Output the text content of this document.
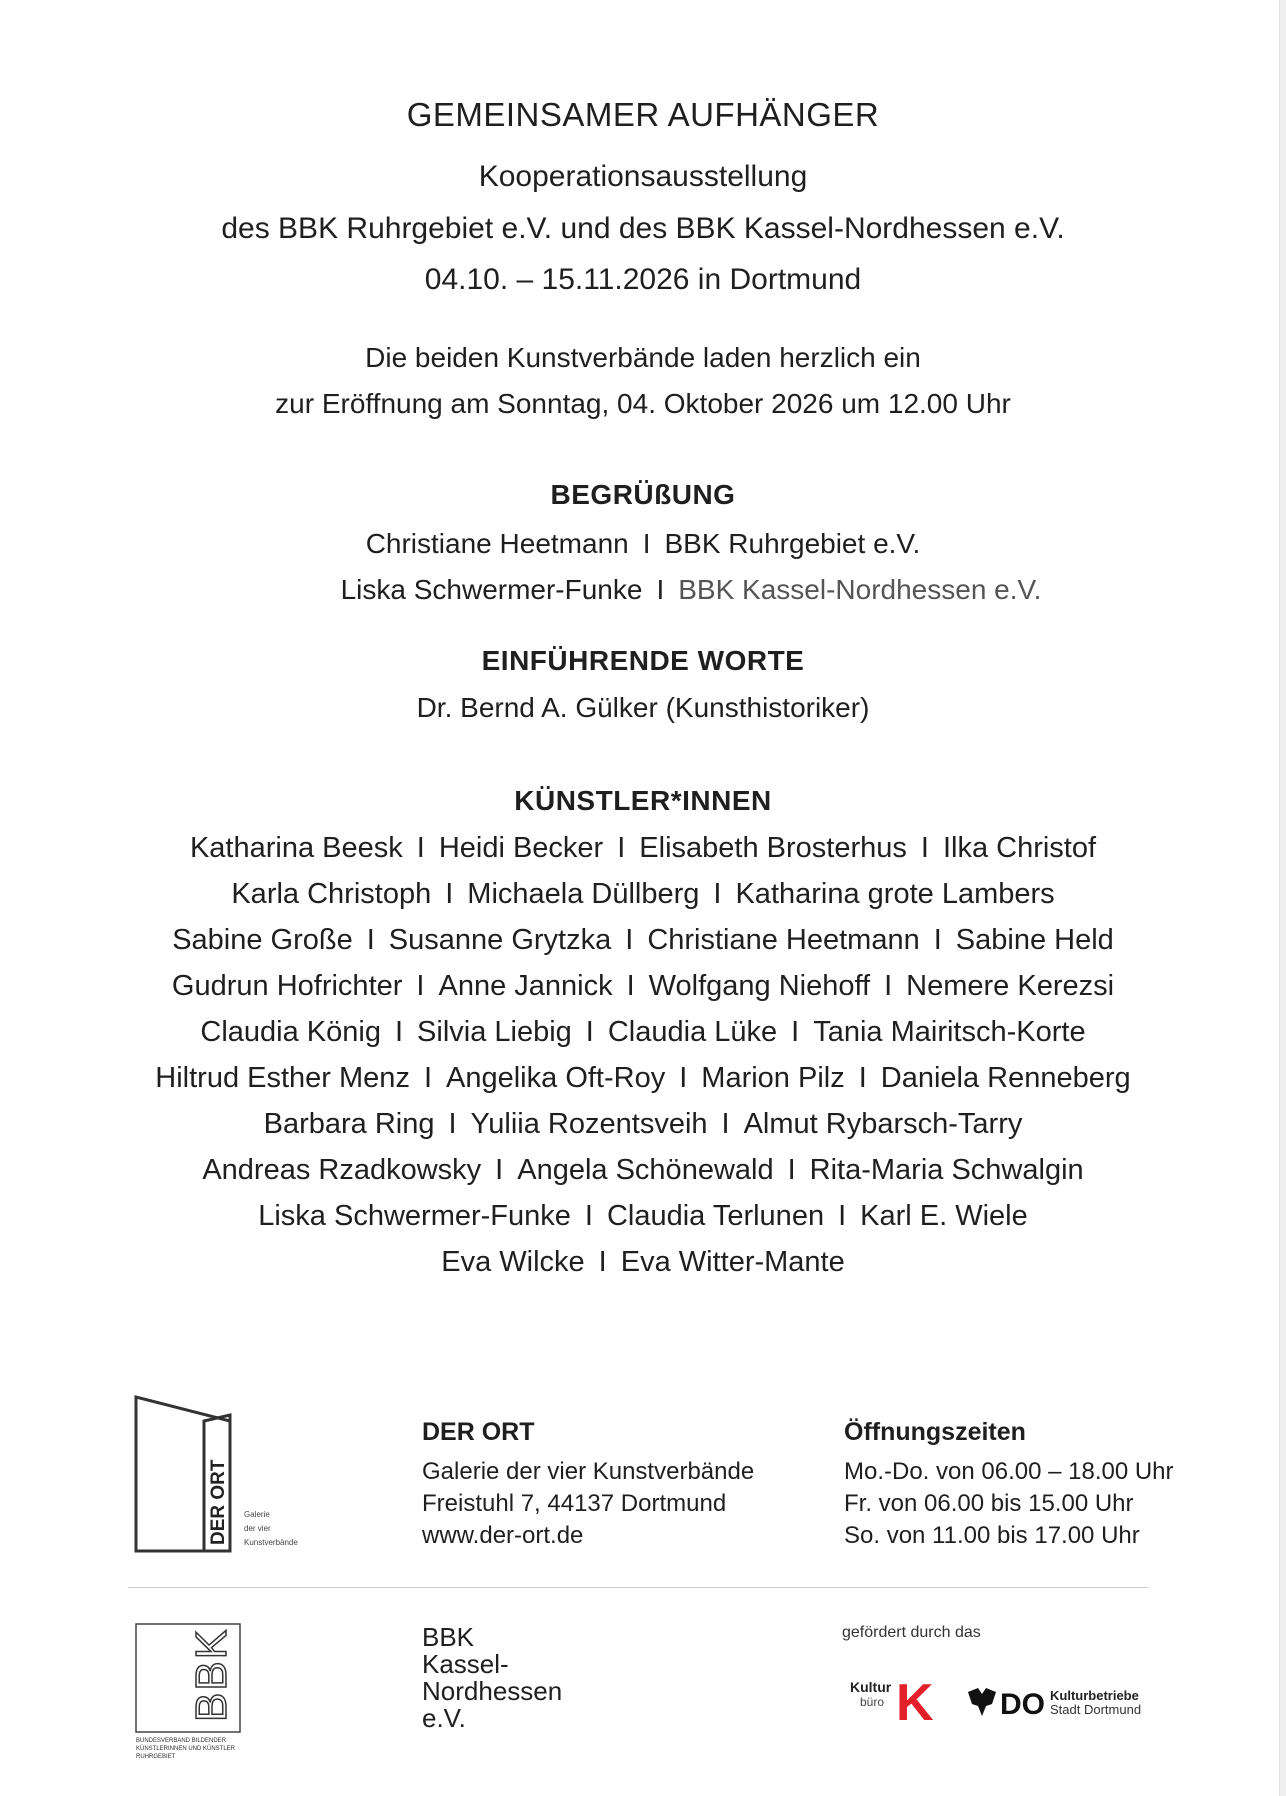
GEMEINSAMER AUFHÄNGER
Kooperationsausstellung
des BBK Ruhrgebiet e.V. und des BBK Kassel-Nordhessen e.V.
04.10. – 15.11.2026 in Dortmund
Die beiden Kunstverbände laden herzlich ein
zur Eröffnung am Sonntag, 04. Oktober 2026 um 12.00 Uhr
BEGRÜßUNG
Christiane Heetmann I BBK Ruhrgebiet e.V.
Liska Schwermer-Funke I BBK Kassel-Nordhessen e.V.
EINFÜHRENDE WORTE
Dr. Bernd A. Gülker (Kunsthistoriker)
KÜNSTLER*INNEN
Katharina Beesk I Heidi Becker I Elisabeth Brosterhus I Ilka Christof
Karla Christoph I Michaela Düllberg I Katharina grote Lambers
Sabine Große I Susanne Grytzka I Christiane Heetmann I Sabine Held
Gudrun Hofrichter I Anne Jannick I Wolfgang Niehoff I Nemere Kerezsi
Claudia König I Silvia Liebig I Claudia Lüke I Tania Mairitsch-Korte
Hiltrud Esther Menz I Angelika Oft-Roy I Marion Pilz I Daniela Renneberg
Barbara Ring I Yuliia Rozentsveih I Almut Rybarsch-Tarry
Andreas Rzadkowsky I Angela Schönewald I Rita-Maria Schwalgin
Liska Schwermer-Funke I Claudia Terlunen I Karl E. Wiele
Eva Wilcke I Eva Witter-Mante
DER ORT Galerie
der vier
Kunstverbände
DER ORT
Galerie der vier Kunstverbände
Freistuhl 7, 44137 Dortmund
www.der-ort.de
Öffnungszeiten
Mo.-Do. von 06.00 – 18.00 Uhr
Fr. von 06.00 bis 15.00 Uhr
So. von 11.00 bis 17.00 Uhr
BBK
BUNDESVERBAND BILDENDER
KÜNSTLERINNEN UND KÜNSTLER
RUHRGEBIET
BBK
Kassel-
Nordhessen
e.V.
gefördert durch das
Kultur
büro K DO Kulturbetriebe
Stadt Dortmund
